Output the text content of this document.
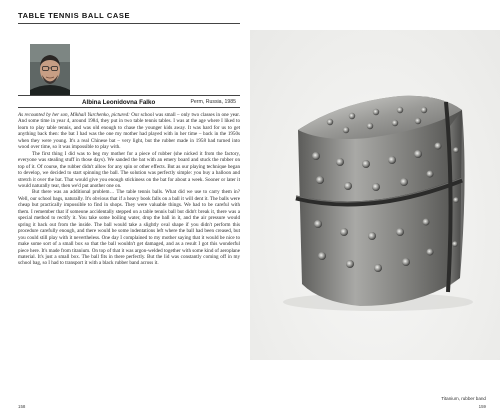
TABLE TENNIS BALL CASE
Albina Leonidovna Falko	Perm, Russia, 1985

As recounted by her son, Mikhail Yurchenko, pictured: Our school was small – only two classes in one year. And some time in year 4, around 1984, they put in two table tennis tables. I was at the age where I liked to learn to play table tennis, and was old enough to chase the younger kids away. It was hard for us to get anything back then: the bat I had was the one my mother had played with in her time – back in the 1950s when they were young. It's a real Chinese bat – very light, but the rubber made in 1958 had turned into wood over time, so it was impossible to play with.

The first thing I did was to beg my mother for a piece of rubber (she nicked it from the factory, everyone was stealing stuff in those days). We sanded the bat with an emery board and stuck the rubber on top of it. Of course, the rubber didn't allow for any spin or other effects. But as our playing technique began to develop, we decided to start spinning the ball. The solution was perfectly simple: you buy a balloon and stretch it over the bat. That would give you enough stickiness on the bat for about a week. Sooner or later it would naturally tear, then we'd put another one on.

But there was an additional problem… The table tennis balls. What did we use to carry them in? Well, our school bags, naturally. It's obvious that if a heavy book falls on a ball it will dent it. The balls were cheap but practically impossible to find in shops. They were valuable things. We had to be careful with them. I remember that if someone accidentally stepped on a table tennis ball but didn't break it, there was a special method to rectify it. You take some boiling water, drop the ball in it, and the air pressure would spring it back out from the inside. The ball would take a slightly oval shape if you didn't perform this procedure carefully enough, and there would be some indentations left where the ball had been creased, but you could still play with it nevertheless. One day I complained to my mother saying that it would be nice to make some sort of a small box so that the ball wouldn't get damaged, and as a result I got this wonderful piece here. It's made from titanium. On top of that it was argon-welded together with some kind of aeroplane material. It's just a small box. The ball fits in there perfectly. But the lid was constantly coming off in my school bag, so I had to transport it with a black rubber band across it.

158
Titanium, rubber band
159
